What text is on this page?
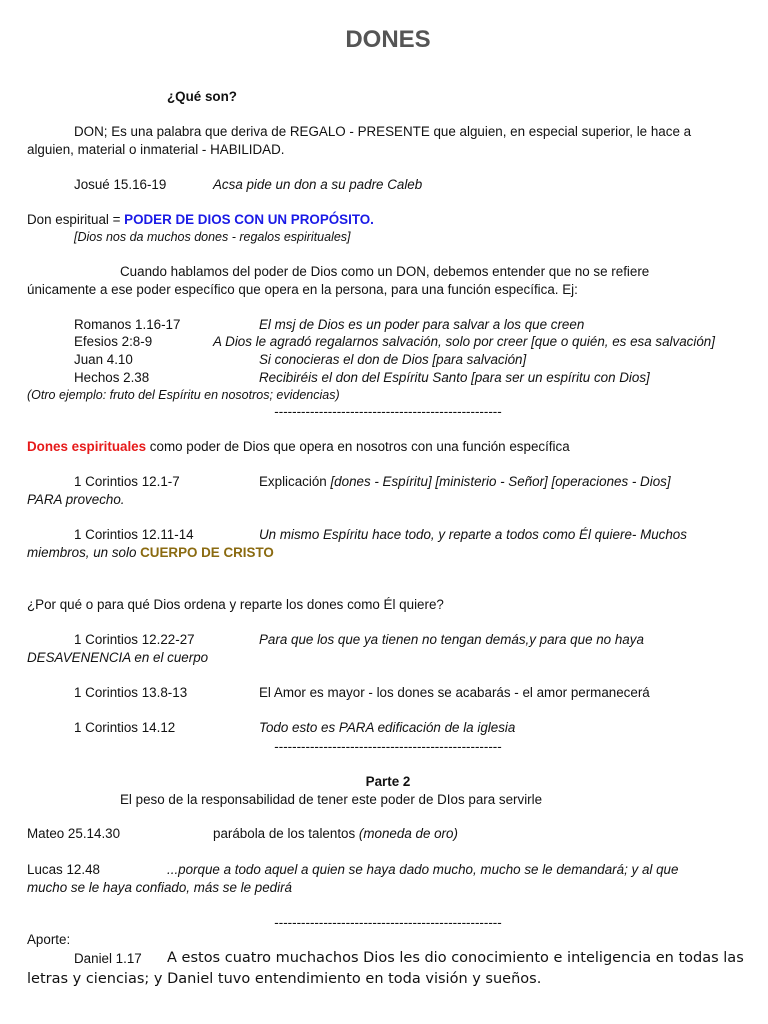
DONES
¿Qué son?
DON; Es una palabra que deriva de REGALO - PRESENTE que alguien, en especial superior, le hace a
alguien, material o inmaterial - HABILIDAD.
Josué 15.16-19	Acsa pide un don a su padre Caleb
Don espiritual = PODER DE DIOS CON UN PROPÓSITO.
[Dios nos da muchos dones - regalos espirituales]
Cuando hablamos del poder de Dios como un DON, debemos entender que no se refiere
únicamente a ese poder específico que opera en la persona, para una función específica. Ej:
Romanos 1.16-17	El msj de Dios es un poder para salvar a los que creen
Efesios 2:8-9	A Dios le agradó regalarnos salvación, solo por creer [que o quién, es esa salvación]
Juan 4.10	Si conocieras el don de Dios [para salvación]
Hechos 2.38	Recibiréis el don del Espíritu Santo [para ser un espíritu con Dios]
(Otro ejemplo: fruto del Espíritu en nosotros; evidencias)
---------------------------------------------------
Dones espirituales como poder de Dios que opera en nosotros con una función específica
1 Corintios 12.1-7	Explicación [dones - Espíritu] [ministerio - Señor] [operaciones - Dios]
PARA provecho.
1 Corintios 12.11-14	Un mismo Espíritu hace todo, y reparte a todos como Él quiere- Muchos
miembros, un solo CUERPO DE CRISTO
¿Por qué o para qué Dios ordena y reparte los dones como Él quiere?
1 Corintios 12.22-27	Para que los que ya tienen no tengan demás,y para que no haya
DESAVENENCIA en el cuerpo
1 Corintios 13.8-13	El Amor es mayor - los dones se acabarás - el amor permanecerá
1 Corintios 14.12	Todo esto es PARA edificación de la iglesia
---------------------------------------------------
Parte 2
El peso de la responsabilidad de tener este poder de DIos para servirle
Mateo 25.14.30	parábola de los talentos (moneda de oro)
Lucas 12.48	...porque a todo aquel a quien se haya dado mucho, mucho se le demandará; y al que
mucho se le haya confiado, más se le pedirá
---------------------------------------------------
Aporte:
Daniel 1.17 A estos cuatro muchachos Dios les dio conocimiento e inteligencia en todas las
letras y ciencias; y Daniel tuvo entendimiento en toda visión y sueños.
